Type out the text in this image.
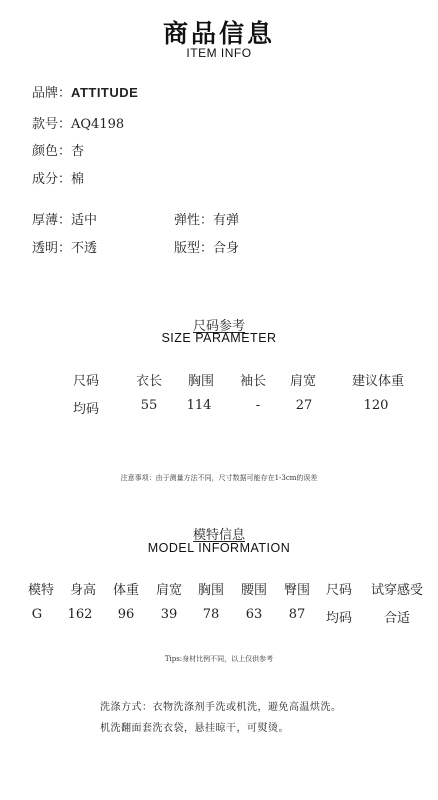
商品信息
ITEM INFO
品牌：ATTITUDE
款号：AQ4198
颜色：杏
成分：棉
厚薄：适中	弹性：有弹
透明：不透	版型：合身
尺码参考
SIZE PARAMETER
尺码	衣长 胸围 袖长 肩宽	建议体重
均码	55 114	-	27	120
注意事项：由于测量方法不同，尺寸数据可能存在1-3cm的误差
模特信息
MODEL INFORMATION
模特 身高 体重 肩宽 胸围 腰围 臀围 尺码 试穿感受
G 162 96 39 78 63 87 均码 合适
Tips:身材比例不同，以上仅供参考
洗涤方式：衣物洗涤剂手洗或机洗，避免高温烘洗。
机洗翻面套洗衣袋，悬挂晾干，可熨烫。
